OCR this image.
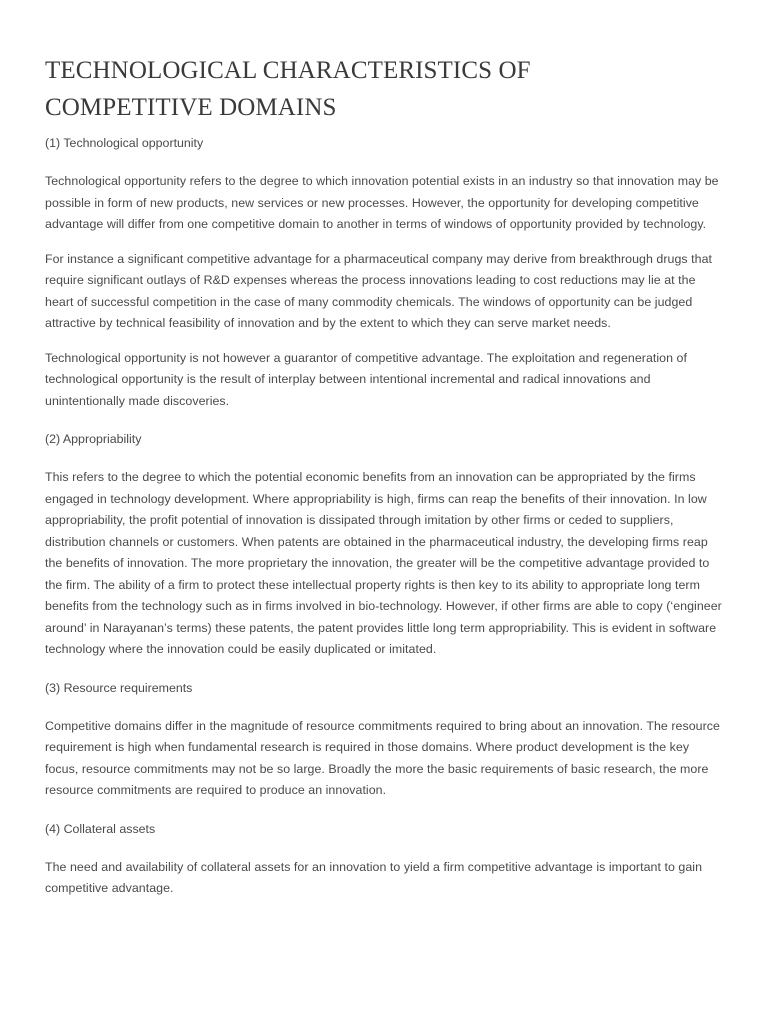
TECHNOLOGICAL CHARACTERISTICS OF
COMPETITIVE DOMAINS

(1) Technological opportunity

Technological opportunity refers to the degree to which innovation potential exists in an industry so that innovation may be possible in form of new products, new services or new processes. However, the opportunity for developing competitive advantage will differ from one competitive domain to another in terms of windows of opportunity provided by technology.

For instance a significant competitive advantage for a pharmaceutical company may derive from breakthrough drugs that require significant outlays of R&D expenses whereas the process innovations leading to cost reductions may lie at the heart of successful competition in the case of many commodity chemicals. The windows of opportunity can be judged attractive by technical feasibility of innovation and by the extent to which they can serve market needs.

Technological opportunity is not however a guarantor of competitive advantage. The exploitation and regeneration of technological opportunity is the result of interplay between intentional incremental and radical innovations and unintentionally made discoveries.

(2) Appropriability

This refers to the degree to which the potential economic benefits from an innovation can be appropriated by the firms engaged in technology development. Where appropriability is high, firms can reap the benefits of their innovation. In low appropriability, the profit potential of innovation is dissipated through imitation by other firms or ceded to suppliers, distribution channels or customers. When patents are obtained in the pharmaceutical industry, the developing firms reap the benefits of innovation. The more proprietary the innovation, the greater will be the competitive advantage provided to the firm. The ability of a firm to protect these intellectual property rights is then key to its ability to appropriate long term benefits from the technology such as in firms involved in bio-technology. However, if other firms are able to copy (‘engineer around’ in Narayanan’s terms) these patents, the patent provides little long term appropriability. This is evident in software technology where the innovation could be easily duplicated or imitated.

(3) Resource requirements

Competitive domains differ in the magnitude of resource commitments required to bring about an innovation. The resource requirement is high when fundamental research is required in those domains. Where product development is the key focus, resource commitments may not be so large. Broadly the more the basic requirements of basic research, the more resource commitments are required to produce an innovation.

(4) Collateral assets

The need and availability of collateral assets for an innovation to yield a firm competitive advantage is important to gain competitive advantage.
